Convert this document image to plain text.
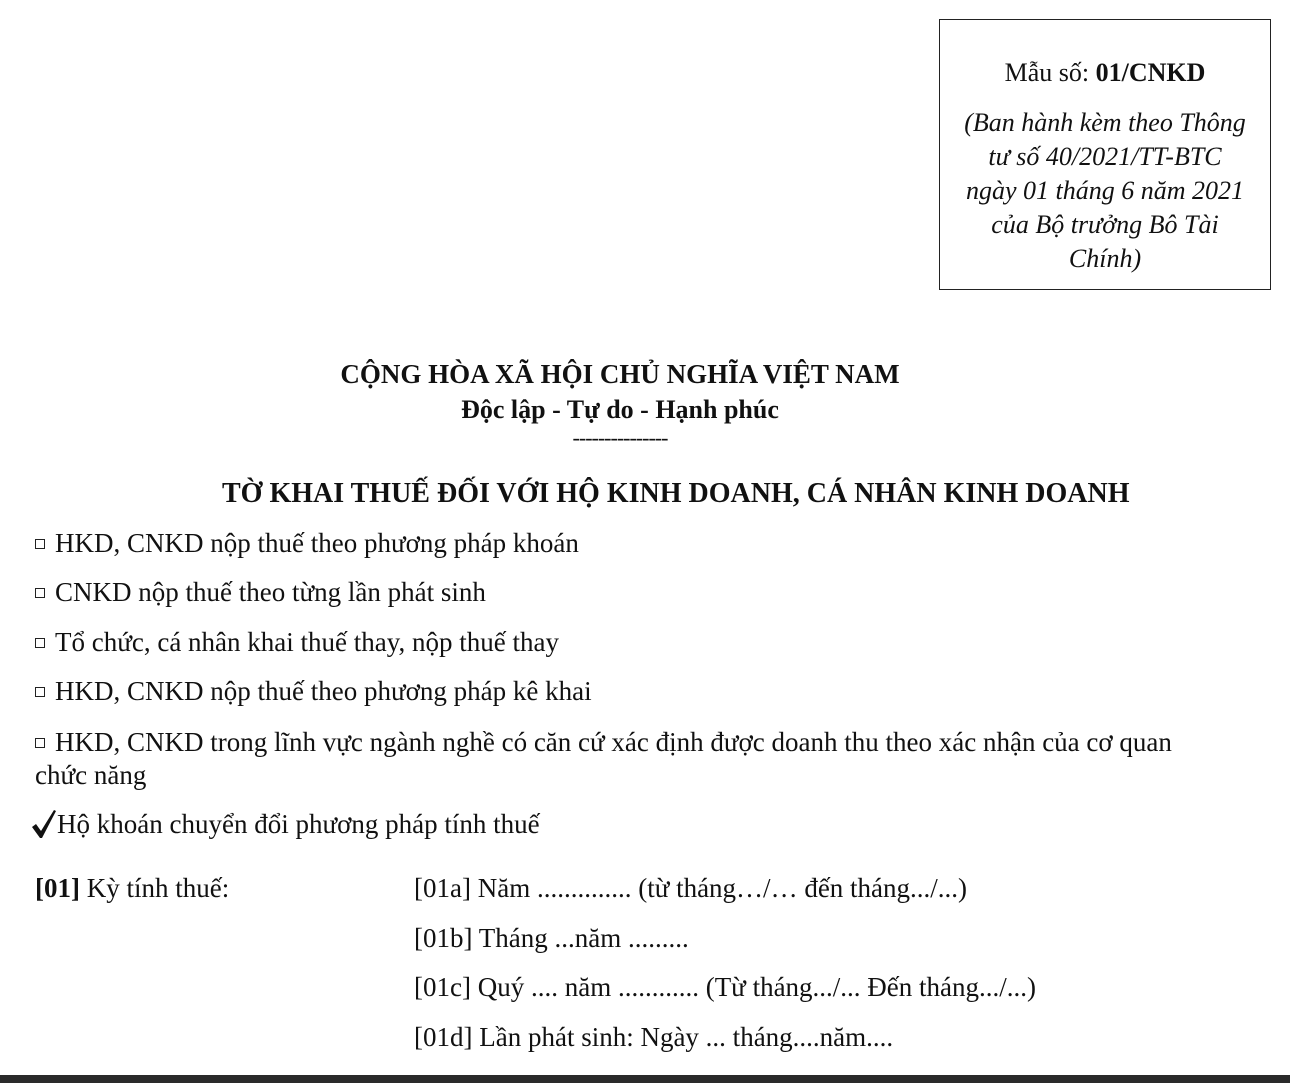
Mẫu số: 01/CNKD
(Ban hành kèm theo Thông
tư số 40/2021/TT-BTC
ngày 01 tháng 6 năm 2021
của Bộ trưởng Bô Tài
Chính)
CỘNG HÒA XÃ HỘI CHỦ NGHĨA VIỆT NAM
Độc lập - Tự do - Hạnh phúc
---------------
TỜ KHAI THUẾ ĐỐI VỚI HỘ KINH DOANH, CÁ NHÂN KINH DOANH
HKD, CNKD nộp thuế theo phương pháp khoán
CNKD nộp thuế theo từng lần phát sinh
Tổ chức, cá nhân khai thuế thay, nộp thuế thay
HKD, CNKD nộp thuế theo phương pháp kê khai
HKD, CNKD trong lĩnh vực ngành nghề có căn cứ xác định được doanh thu theo xác nhận của cơ quan chức năng
Hộ khoán chuyển đổi phương pháp tính thuế
[01] Kỳ tính thuế:	[01a] Năm .............. (từ tháng…/… đến tháng.../...)
[01b] Tháng ...năm .........
[01c] Quý .... năm ............ (Từ tháng.../... Đến tháng.../...)
[01d] Lần phát sinh: Ngày ... tháng....năm....
